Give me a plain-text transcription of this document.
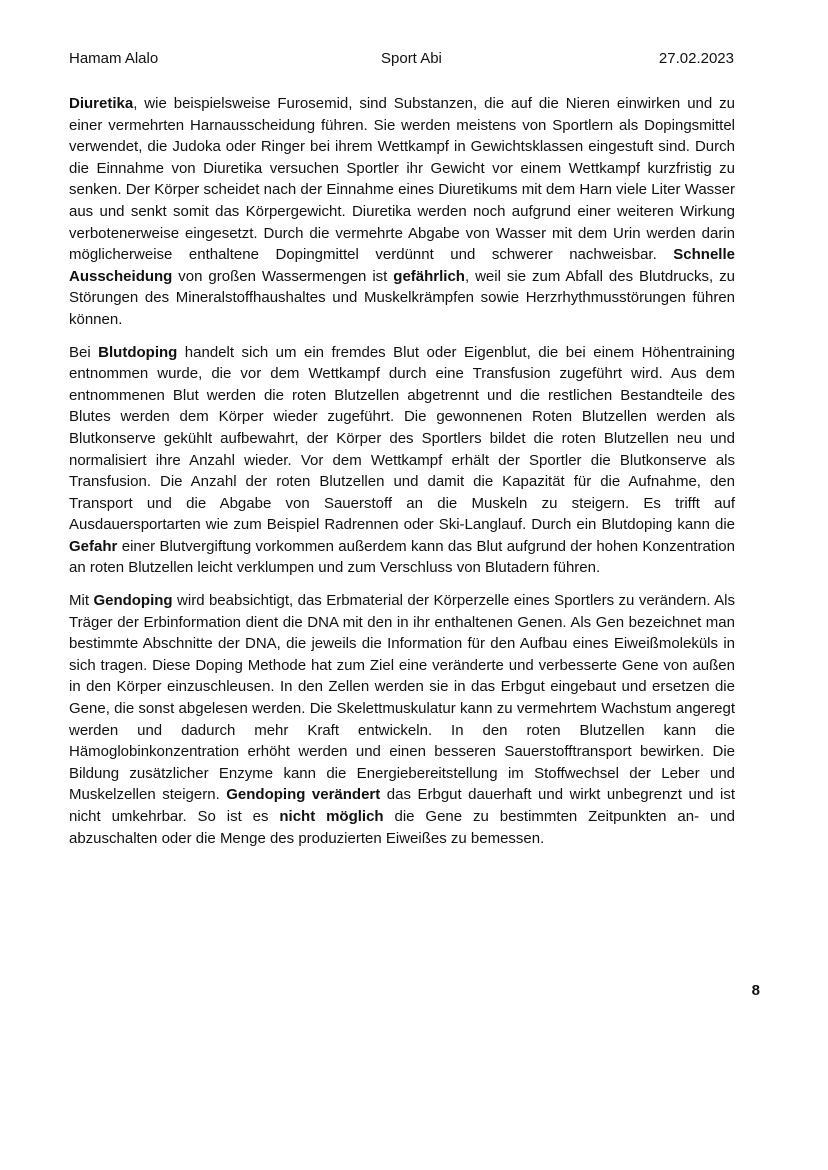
Hamam Alalo	Sport Abi	27.02.2023

Diuretika, wie beispielsweise Furosemid, sind Substanzen, die auf die Nieren einwirken und zu einer vermehrten Harnausscheidung führen. Sie werden meistens von Sportlern als Dopingsmittel verwendet, die Judoka oder Ringer bei ihrem Wettkampf in Gewichtsklassen eingestuft sind. Durch die Einnahme von Diuretika versuchen Sportler ihr Gewicht vor einem Wettkampf kurzfristig zu senken. Der Körper scheidet nach der Einnahme eines Diuretikums mit dem Harn viele Liter Wasser aus und senkt somit das Körpergewicht. Diuretika werden noch aufgrund einer weiteren Wirkung verbotenerweise eingesetzt. Durch die vermehrte Abgabe von Wasser mit dem Urin werden darin möglicherweise enthaltene Dopingmittel verdünnt und schwerer nachweisbar. Schnelle Ausscheidung von großen Wassermengen ist gefährlich, weil sie zum Abfall des Blutdrucks, zu Störungen des Mineralstoffhaushaltes und Muskelkrämpfen sowie Herzrhythmusstörungen führen können.

Bei Blutdoping handelt sich um ein fremdes Blut oder Eigenblut, die bei einem Höhentraining entnommen wurde, die vor dem Wettkampf durch eine Transfusion zugeführt wird. Aus dem entnommenen Blut werden die roten Blutzellen abgetrennt und die restlichen Bestandteile des Blutes werden dem Körper wieder zugeführt. Die gewonnenen Roten Blutzellen werden als Blutkonserve gekühlt aufbewahrt, der Körper des Sportlers bildet die roten Blutzellen neu und normalisiert ihre Anzahl wieder. Vor dem Wettkampf erhält der Sportler die Blutkonserve als Transfusion. Die Anzahl der roten Blutzellen und damit die Kapazität für die Aufnahme, den Transport und die Abgabe von Sauerstoff an die Muskeln zu steigern. Es trifft auf Ausdauersportarten wie zum Beispiel Radrennen oder Ski-Langlauf. Durch ein Blutdoping kann die Gefahr einer Blutvergiftung vorkommen außerdem kann das Blut aufgrund der hohen Konzentration an roten Blutzellen leicht verklumpen und zum Verschluss von Blutadern führen.

Mit Gendoping wird beabsichtigt, das Erbmaterial der Körperzelle eines Sportlers zu verändern. Als Träger der Erbinformation dient die DNA mit den in ihr enthaltenen Genen. Als Gen bezeichnet man bestimmte Abschnitte der DNA, die jeweils die Information für den Aufbau eines Eiweißmoleküls in sich tragen. Diese Doping Methode hat zum Ziel eine veränderte und verbesserte Gene von außen in den Körper einzuschleusen. In den Zellen werden sie in das Erbgut eingebaut und ersetzen die Gene, die sonst abgelesen werden. Die Skelettmuskulatur kann zu vermehrtem Wachstum angeregt werden und dadurch mehr Kraft entwickeln. In den roten Blutzellen kann die Hämoglobinkonzentration erhöht werden und einen besseren Sauerstofftransport bewirken. Die Bildung zusätzlicher Enzyme kann die Energiebereitstellung im Stoffwechsel der Leber und Muskelzellen steigern. Gendoping verändert das Erbgut dauerhaft und wirkt unbegrenzt und ist nicht umkehrbar. So ist es nicht möglich die Gene zu bestimmten Zeitpunkten an- und abzuschalten oder die Menge des produzierten Eiweißes zu bemessen.

8
